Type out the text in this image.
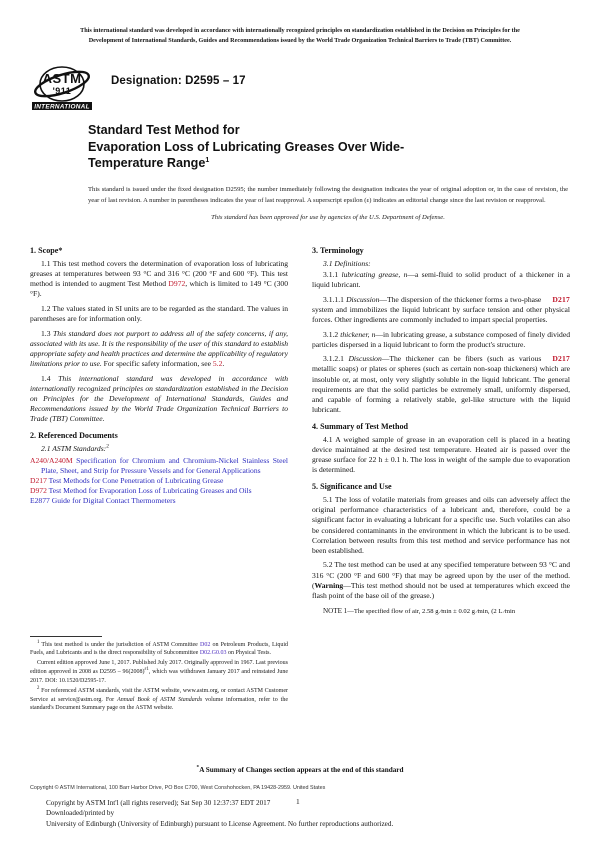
This international standard was developed in accordance with internationally recognized principles on standardization established in the Decision on Principles for the
Development of International Standards, Guides and Recommendations issued by the World Trade Organization Technical Barriers to Trade (TBT) Committee.
ASTM
'911
INTERNATIONAL
Designation: D2595 – 17
Standard Test Method for
Evaporation Loss of Lubricating Greases Over Wide-
Temperature Range$^1$
This standard is issued under the fixed designation D2595; the number immediately following the designation indicates the year of original adoption or, in the case of revision, the year of last revision. A number in parentheses indicates the year of last reapproval. A superscript epsilon (ε) indicates an editorial change since the last revision or reapproval.
This standard has been approved for use by agencies of the U.S. Department of Defense.
1. Scope*

1.1 This test method covers the determination of evaporation loss of lubricating greases at temperatures between 93 °C and 316 °C (200 °F and 600 °F). This test method is intended to augment Test Method D972, which is limited to 149 °C (300 °F).

1.2 The values stated in SI units are to be regarded as the standard. The values in parentheses are for information only.

1.3 This standard does not purport to address all of the safety concerns, if any, associated with its use. It is the responsibility of the user of this standard to establish appropriate safety and health practices and determine the applicability of regulatory limitations prior to use. For specific safety information, see 5.2.

1.4 This international standard was developed in accordance with internationally recognized principles on standardization established in the Decision on Principles for the Development of International Standards, Guides and Recommendations issued by the World Trade Organization Technical Barriers to Trade (TBT) Committee.

2. Referenced Documents

2.1 ASTM Standards:$^2$

A240/A240M Specification for Chromium and Chromium-Nickel Stainless Steel Plate, Sheet, and Strip for Pressure Vessels and for General Applications
D217 Test Methods for Cone Penetration of Lubricating Grease
D972 Test Method for Evaporation Loss of Lubricating Greases and Oils
E2877 Guide for Digital Contact Thermometers
3. Terminology

3.1 Definitions:

3.1.1 lubricating grease, n—a semi-fluid to solid product of a thickener in a liquid lubricant.

D217
3.1.1.1 Discussion—The dispersion of the thickener forms a two-phase system and immobilizes the liquid lubricant by surface tension and other physical forces. Other ingredients are commonly included to impart special properties.

3.1.2 thickener, n—in lubricating grease, a substance composed of finely divided particles dispersed in a liquid lubricant to form the product's structure.

D217
3.1.2.1 Discussion—The thickener can be fibers (such as various metallic soaps) or plates or spheres (such as certain non-soap thickeners) which are insoluble or, at most, only very slightly soluble in the liquid lubricant. The general requirements are that the solid particles be extremely small, uniformly dispersed, and capable of forming a relatively stable, gel-like structure with the liquid lubricant.

4. Summary of Test Method

4.1 A weighed sample of grease in an evaporation cell is placed in a heating device maintained at the desired test temperature. Heated air is passed over the grease surface for 22 h ± 0.1 h. The loss in weight of the sample due to evaporation is determined.

5. Significance and Use

5.1 The loss of volatile materials from greases and oils can adversely affect the original performance characteristics of a lubricant and, therefore, could be a significant factor in evaluating a lubricant for a specific use. Such volatiles can also be considered contaminants in the environment in which the lubricant is to be used. Correlation between results from this test method and service performance has not been established.

5.2 The test method can be used at any specified temperature between 93 °C and 316 °C (200 °F and 600 °F) that may be agreed upon by the user of the method. (Warning—This test method should not be used at temperatures which exceed the flash point of the base oil of the grease.)

NOTE 1—The specified flow of air, 2.58 g ⁄min ± 0.02 g ⁄min, (2 L ⁄min

$^1$ This test method is under the jurisdiction of ASTM Committee D02 on Petroleum Products, Liquid Fuels, and Lubricants and is the direct responsibility of Subcommittee D02.G0.03 on Physical Tests.

Current edition approved June 1, 2017. Published July 2017. Originally approved in 1967. Last previous edition approved in 2008 as $D2595 - 96(2008)^{\varepsilon 1}$, which was withdrawn January 2017 and reinstated June 2017. DOI: 10.1520/D2595-17.

$^2$ For referenced ASTM standards, visit the ASTM website, www.astm.org, or contact ASTM Customer Service at service@astm.org. For Annual Book of ASTM Standards volume information, refer to the standard's Document Summary page on the ASTM website.

*A Summary of Changes section appears at the end of this standard
Copyright © ASTM International, 100 Barr Harbor Drive, PO Box C700, West Conshohocken, PA 19428-2959. United States
Copyright by ASTM Int'l (all rights reserved); Sat Sep 30 12:37:37 EDT 2017
Downloaded/printed by
University of Edinburgh (University of Edinburgh) pursuant to License Agreement. No further reproductions authorized.
1
